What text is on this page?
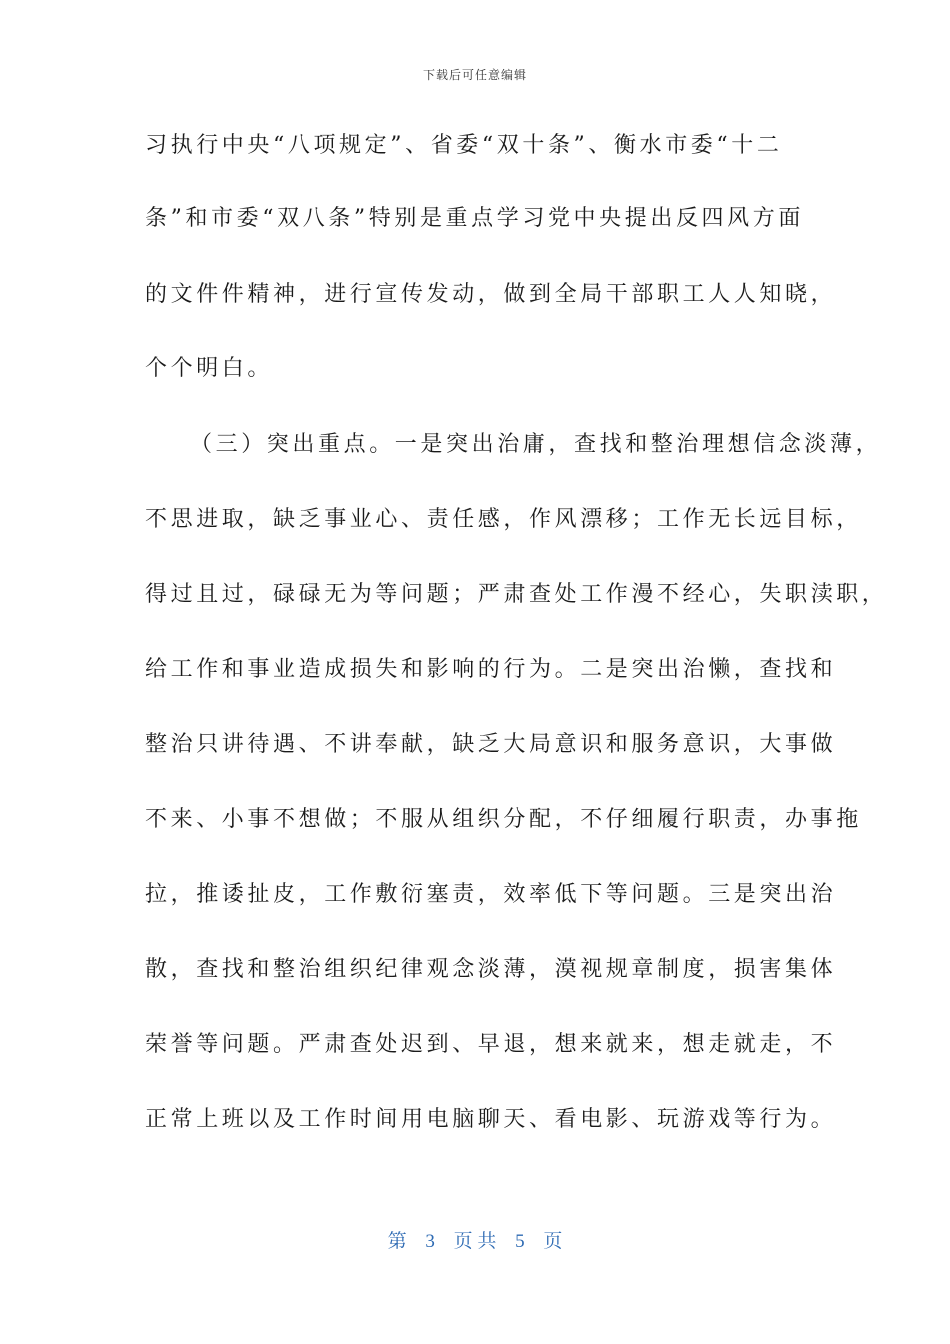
下载后可任意编辑
习执行中央“八项规定”、省委“双十条”、衡水市委“十二
条”和市委“双八条”特别是重点学习党中央提出反四风方面
的文件件精神，进行宣传发动，做到全局干部职工人人知晓，
个个明白。
（三）突出重点。一是突出治庸，查找和整治理想信念淡薄，
不思进取，缺乏事业心、责任感，作风漂移；工作无长远目标，
得过且过，碌碌无为等问题；严肃查处工作漫不经心，失职渎职，
给工作和事业造成损失和影响的行为。二是突出治懒，查找和
整治只讲待遇、不讲奉献，缺乏大局意识和服务意识，大事做
不来、小事不想做；不服从组织分配，不仔细履行职责，办事拖
拉，推诿扯皮，工作敷衍塞责，效率低下等问题。三是突出治
散，查找和整治组织纪律观念淡薄，漠视规章制度，损害集体
荣誉等问题。严肃查处迟到、早退，想来就来，想走就走，不
正常上班以及工作时间用电脑聊天、看电影、玩游戏等行为。
第 3 页 共 5 页
